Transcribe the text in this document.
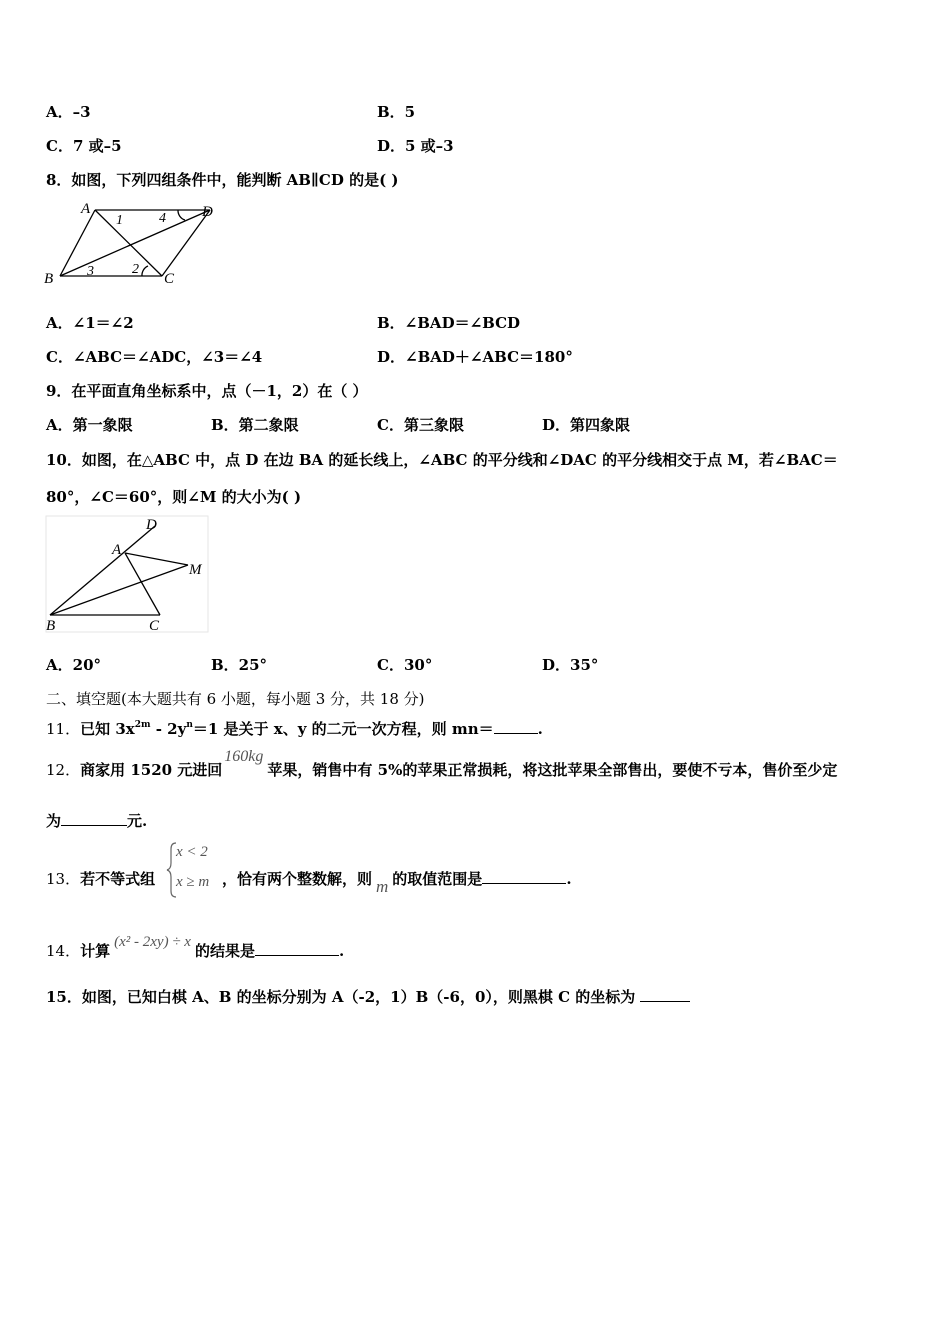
A．–3	B．5
C．7 或–5	D．5 或–3
8．如图，下列四组条件中，能判断 AB∥CD 的是( )
A	D
B	C
1	4
3	2
A．∠1＝∠2	B．∠BAD＝∠BCD
C．∠ABC＝∠ADC，∠3＝∠4	D．∠BAD＋∠ABC＝180°
9．在平面直角坐标系中，点（－1，2）在（ ）
A．第一象限	B．第二象限	C．第三象限	D．第四象限
10．如图，在△ABC 中，点 D 在边 BA 的延长线上，∠ABC 的平分线和∠DAC 的平分线相交于点 M，若∠BAC＝
80°，∠C＝60°，则∠M 的大小为( )
D
A
M
B	C
A．20°	B．25°	C．30°	D．35°
二、填空题(本大题共有 6 小题，每小题 3 分，共 18 分)
11．已知 $3x^{2m} - 2y^n=1$ 是关于 x、y 的二元一次方程，则 mn＝	.
12．商家用 1520 元进回160kg苹果，销售中有 5%的苹果正常损耗，将这批苹果全部售出，要使不亏本，售价至少定
为	元.
13．若不等式组
x < 2
x ≥ m ，恰有两个整数解，则 m 的取值范围是	.
14．计算 (x² - 2xy) ÷ x 的结果是	.
15．如图，已知白棋 A、B 的坐标分别为 A（-2，1）B（-6，0），则黑棋 C 的坐标为
